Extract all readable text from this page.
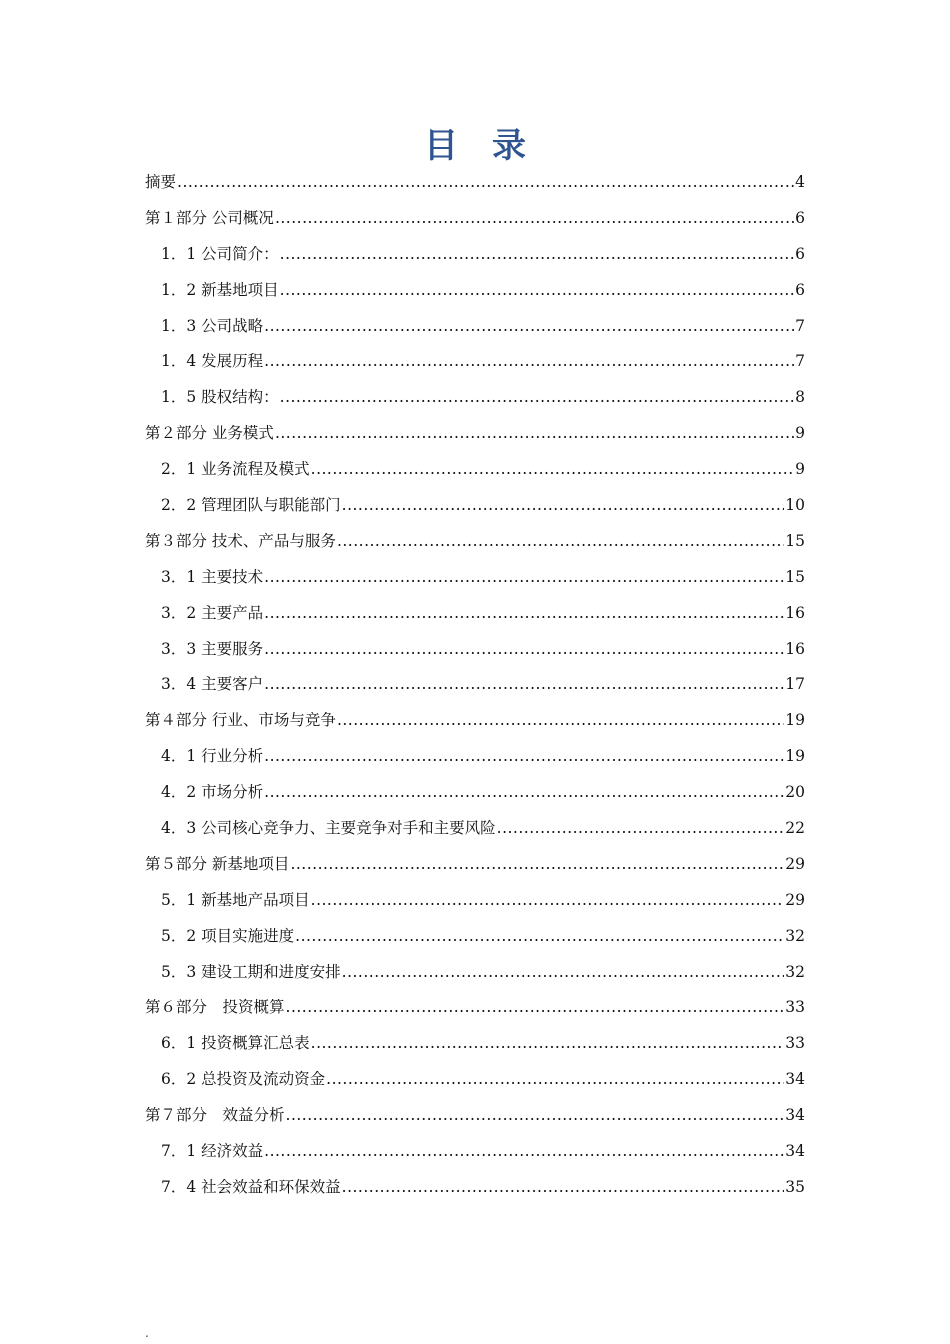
目　录
摘要 .....	4
第１部分 公司概况 .....	6
1．1 公司简介： .....	6
1．2 新基地项目 .....	6
1．3 公司战略 .....	7
1．4 发展历程 .....	7
1．5 股权结构： .....	8
第２部分 业务模式 .....	9
2．1 业务流程及模式 .....	9
2．2 管理团队与职能部门 .....	10
第３部分 技术、产品与服务 .....	15
3．1 主要技术 .....	15
3．2 主要产品 .....	16
3．3 主要服务 .....	16
3．4 主要客户 .....	17
第４部分 行业、市场与竞争 .....	19
4．1 行业分析 .....	19
4．2 市场分析 .....	20
4．3 公司核心竞争力、主要竞争对手和主要风险 .....	22
第５部分 新基地项目 .....	29
5．1 新基地产品项目 .....	29
5．2 项目实施进度 .....	32
5．3 建设工期和进度安排 .....	32
第６部分　投资概算 .....	33
6．1 投资概算汇总表 .....	33
6．2 总投资及流动资金 .....	34
第７部分　效益分析 .....	34
7．1 经济效益 .....	34
7．4 社会效益和环保效益 .....	35
.
